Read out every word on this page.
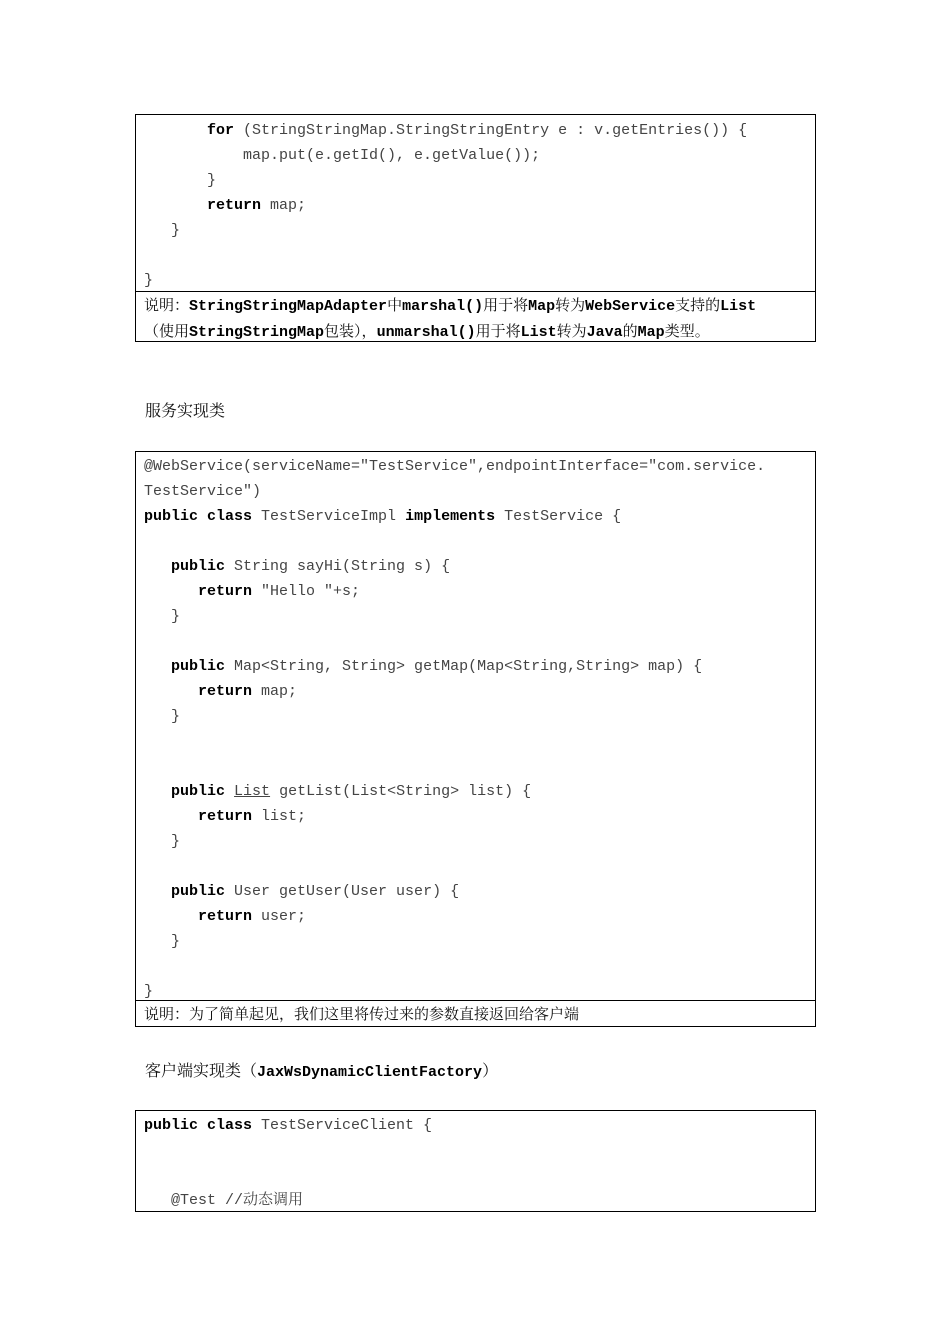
for (StringStringMap.StringStringEntry e : v.getEntries()) {
map.put(e.getId(), e.getValue());
}
return map;
}
}
说明：StringStringMapAdapter中marshal()用于将Map转为WebService支持的List
（使用StringStringMap包装），unmarshal()用于将List转为Java的Map类型。
服务实现类
@WebService(serviceName="TestService",endpointInterface="com.service.
TestService")
public class TestServiceImpl implements TestService {
public String sayHi(String s) {
return "Hello "+s;
}
public Map<String, String> getMap(Map<String,String> map) {
return map;
}
public List getList(List<String> list) {
return list;
}
public User getUser(User user) {
return user;
}
}
说明：为了简单起见，我们这里将传过来的参数直接返回给客户端
客户端实现类（JaxWsDynamicClientFactory）
public class TestServiceClient {
@Test //动态调用
